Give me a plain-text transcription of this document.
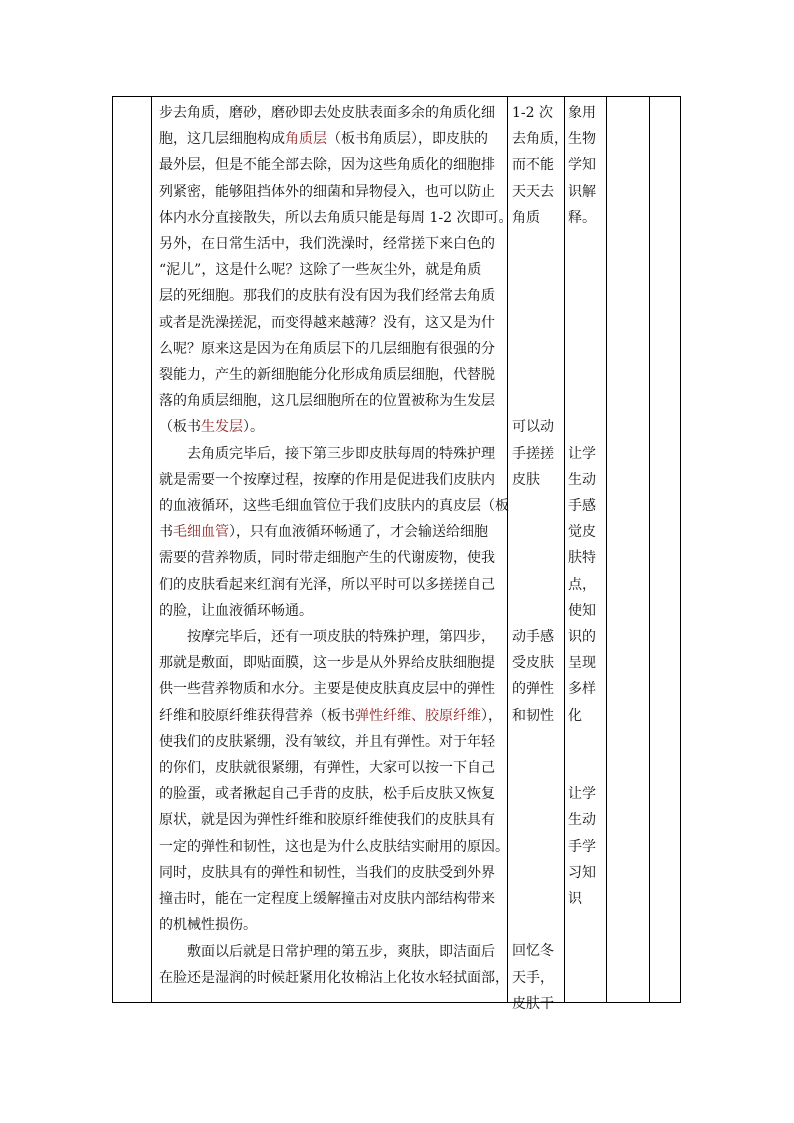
步去角质，磨砂，磨砂即去处皮肤表面多余的角质化细

胞，这几层细胞构成角质层（板书角质层），即皮肤的

最外层，但是不能全部去除，因为这些角质化的细胞排

列紧密，能够阻挡体外的细菌和异物侵入，也可以防止

体内水分直接散失，所以去角质只能是每周 1-2 次即可。

另外，在日常生活中，我们洗澡时，经常搓下来白色的

“泥儿”，这是什么呢？这除了一些灰尘外，就是角质

层的死细胞。那我们的皮肤有没有因为我们经常去角质

或者是洗澡搓泥，而变得越来越薄？没有，这又是为什

么呢？原来这是因为在角质层下的几层细胞有很强的分

裂能力，产生的新细胞能分化形成角质层细胞，代替脱

落的角质层细胞，这几层细胞所在的位置被称为生发层

（板书生发层）。

　　去角质完毕后，接下第三步即皮肤每周的特殊护理

就是需要一个按摩过程，按摩的作用是促进我们皮肤内

的血液循环，这些毛细血管位于我们皮肤内的真皮层（板

书毛细血管），只有血液循环畅通了，才会输送给细胞

需要的营养物质，同时带走细胞产生的代谢废物，使我

们的皮肤看起来红润有光泽，所以平时可以多搓搓自己

的脸，让血液循环畅通。

　　按摩完毕后，还有一项皮肤的特殊护理，第四步，

那就是敷面，即贴面膜，这一步是从外界给皮肤细胞提

供一些营养物质和水分。主要是使皮肤真皮层中的弹性

纤维和胶原纤维获得营养（板书弹性纤维、胶原纤维），

使我们的皮肤紧绷，没有皱纹，并且有弹性。对于年轻

的你们，皮肤就很紧绷，有弹性，大家可以按一下自己

的脸蛋，或者揪起自己手背的皮肤，松手后皮肤又恢复

原状，就是因为弹性纤维和胶原纤维使我们的皮肤具有

一定的弹性和韧性，这也是为什么皮肤结实耐用的原因。

同时，皮肤具有的弹性和韧性，当我们的皮肤受到外界

撞击时，能在一定程度上缓解撞击对皮肤内部结构带来

的机械性损伤。

　　敷面以后就是日常护理的第五步，爽肤，即洁面后

在脸还是湿润的时候赶紧用化妆棉沾上化妆水轻拭面部，

1-2 次

去角质，

而不能

天天去

角质

可以动

手搓搓

皮肤

动手感

受皮肤

的弹性

和韧性

回忆冬

天手，

皮肤干

象用

生物

学知

识解

释。

让学

生动

手感

觉皮

肤特

点，

使知

识的

呈现

多样

化

让学

生动

手学

习知

识
